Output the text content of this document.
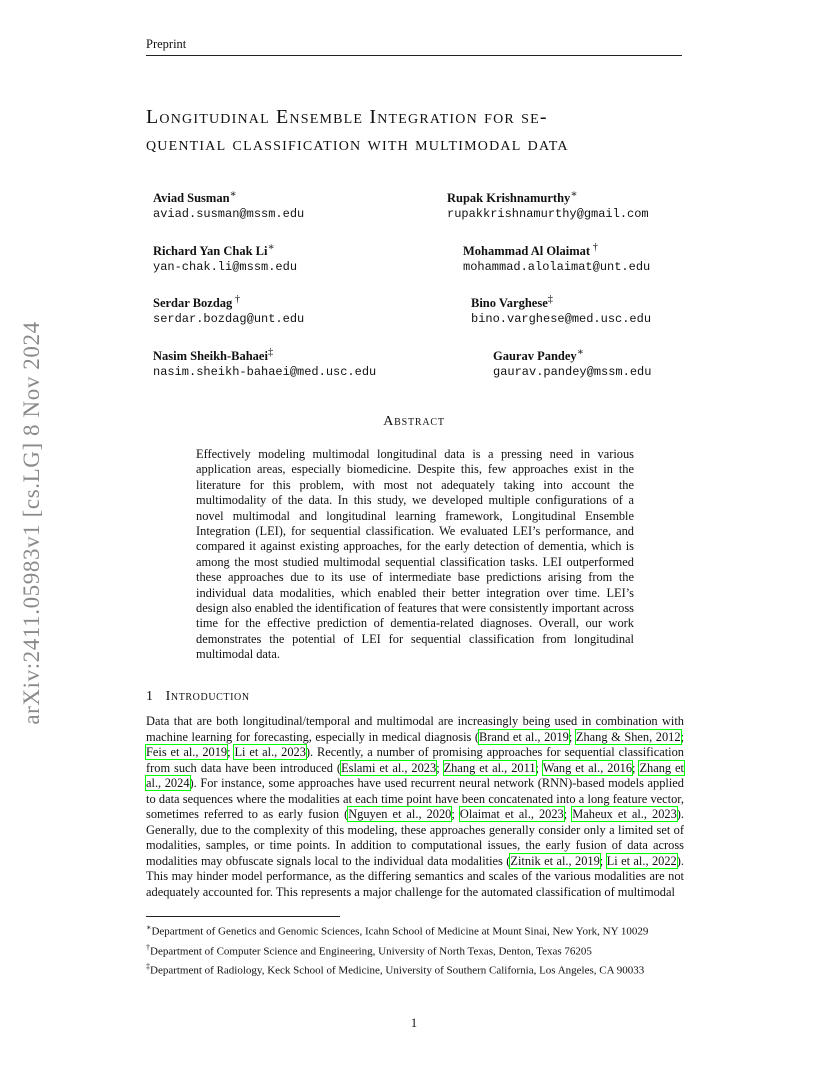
Preprint
arXiv:2411.05983v1 [cs.LG] 8 Nov 2024
Longitudinal Ensemble Integration for se-
quential classification with multimodal data
Aviad Susman∗
aviad.susman@mssm.edu
Rupak Krishnamurthy∗
rupakkrishnamurthy@gmail.com
Richard Yan Chak Li∗
yan-chak.li@mssm.edu
Mohammad Al Olaimat †
mohammad.alolaimat@unt.edu
Serdar Bozdag †
serdar.bozdag@unt.edu
Bino Varghese‡
bino.varghese@med.usc.edu
Nasim Sheikh-Bahaei‡
nasim.sheikh-bahaei@med.usc.edu
Gaurav Pandey∗
gaurav.pandey@mssm.edu
Abstract
Effectively modeling multimodal longitudinal data is a pressing need in various application areas, especially biomedicine. Despite this, few approaches exist in the literature for this problem, with most not adequately taking into account the multimodality of the data. In this study, we developed multiple configurations of a novel multimodal and longitudinal learning framework, Longitudinal Ensemble Integration (LEI), for sequential classification. We evaluated LEI’s performance, and compared it against existing approaches, for the early detection of dementia, which is among the most studied multimodal sequential classification tasks. LEI outperformed these approaches due to its use of intermediate base predictions arising from the individual data modalities, which enabled their better integration over time. LEI’s design also enabled the identification of features that were consistently important across time for the effective prediction of dementia-related diagnoses. Overall, our work demonstrates the potential of LEI for sequential classification from longitudinal multimodal data.
1 Introduction
Data that are both longitudinal/temporal and multimodal are increasingly being used in combination with machine learning for forecasting, especially in medical diagnosis (Brand et al., 2019; Zhang & Shen, 2012; Feis et al., 2019; Li et al., 2023). Recently, a number of promising approaches for sequential classification from such data have been introduced (Eslami et al., 2023; Zhang et al., 2011; Wang et al., 2016; Zhang et al., 2024). For instance, some approaches have used recurrent neural network (RNN)-based models applied to data sequences where the modalities at each time point have been concatenated into a long feature vector, sometimes referred to as early fusion (Nguyen et al., 2020; Olaimat et al., 2023; Maheux et al., 2023). Generally, due to the complexity of this modeling, these approaches generally consider only a limited set of modalities, samples, or time points. In addition to computational issues, the early fusion of data across modalities may obfuscate signals local to the individual data modalities (Zitnik et al., 2019; Li et al., 2022). This may hinder model performance, as the differing semantics and scales of the various modalities are not adequately accounted for. This represents a major challenge for the automated classification of multimodal

∗Department of Genetics and Genomic Sciences, Icahn School of Medicine at Mount Sinai, New York, NY 10029

†Department of Computer Science and Engineering, University of North Texas, Denton, Texas 76205

‡Department of Radiology, Keck School of Medicine, University of Southern California, Los Angeles, CA 90033

1
